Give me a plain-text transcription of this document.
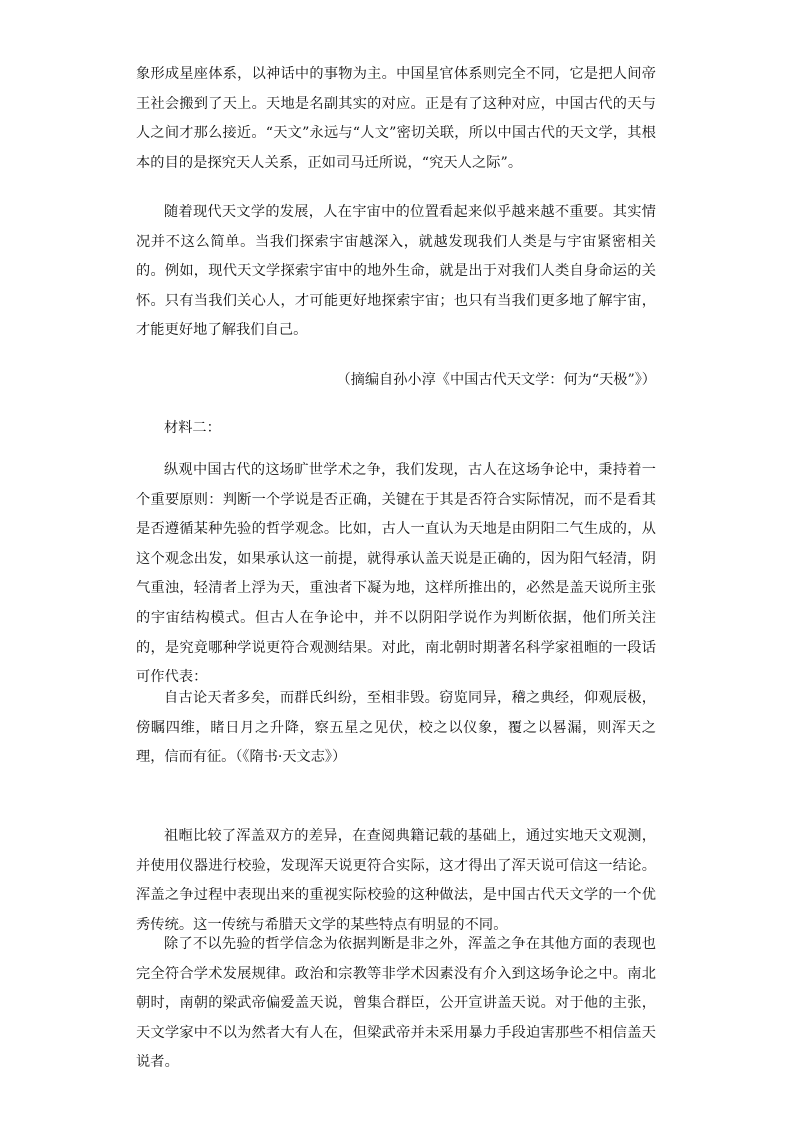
象形成星座体系，以神话中的事物为主。中国星官体系则完全不同，它是把人间帝王社会搬到了天上。天地是名副其实的对应。正是有了这种对应，中国古代的天与人之间才那么接近。“天文”永远与“人文”密切关联，所以中国古代的天文学，其根本的目的是探究天人关系，正如司马迁所说，“究天人之际”。

随着现代天文学的发展，人在宇宙中的位置看起来似乎越来越不重要。其实情况并不这么简单。当我们探索宇宙越深入，就越发现我们人类是与宇宙紧密相关的。例如，现代天文学探索宇宙中的地外生命，就是出于对我们人类自身命运的关怀。只有当我们关心人，才可能更好地探索宇宙；也只有当我们更多地了解宇宙，才能更好地了解我们自己。

（摘编自孙小淳《中国古代天文学：何为“天极”》）

材料二：

纵观中国古代的这场旷世学术之争，我们发现，古人在这场争论中，秉持着一个重要原则：判断一个学说是否正确，关键在于其是否符合实际情况，而不是看其是否遵循某种先验的哲学观念。比如，古人一直认为天地是由阴阳二气生成的，从这个观念出发，如果承认这一前提，就得承认盖天说是正确的，因为阳气轻清，阴气重浊，轻清者上浮为天，重浊者下凝为地，这样所推出的，必然是盖天说所主张的宇宙结构模式。但古人在争论中，并不以阴阳学说作为判断依据，他们所关注的，是究竟哪种学说更符合观测结果。对此，南北朝时期著名科学家祖暅的一段话可作代表：

自古论天者多矣，而群氏纠纷，至相非毁。窃览同异，稽之典经，仰观辰极，傍瞩四维，睹日月之升降，察五星之见伏，校之以仪象，覆之以晷漏，则浑天之理，信而有征。（《隋书·天文志》）

祖暅比较了浑盖双方的差异，在查阅典籍记载的基础上，通过实地天文观测，并使用仪器进行校验，发现浑天说更符合实际，这才得出了浑天说可信这一结论。浑盖之争过程中表现出来的重视实际校验的这种做法，是中国古代天文学的一个优秀传统。这一传统与希腊天文学的某些特点有明显的不同。

除了不以先验的哲学信念为依据判断是非之外，浑盖之争在其他方面的表现也完全符合学术发展规律。政治和宗教等非学术因素没有介入到这场争论之中。南北朝时，南朝的梁武帝偏爱盖天说，曾集合群臣，公开宣讲盖天说。对于他的主张，天文学家中不以为然者大有人在，但梁武帝并未采用暴力手段迫害那些不相信盖天说者。
